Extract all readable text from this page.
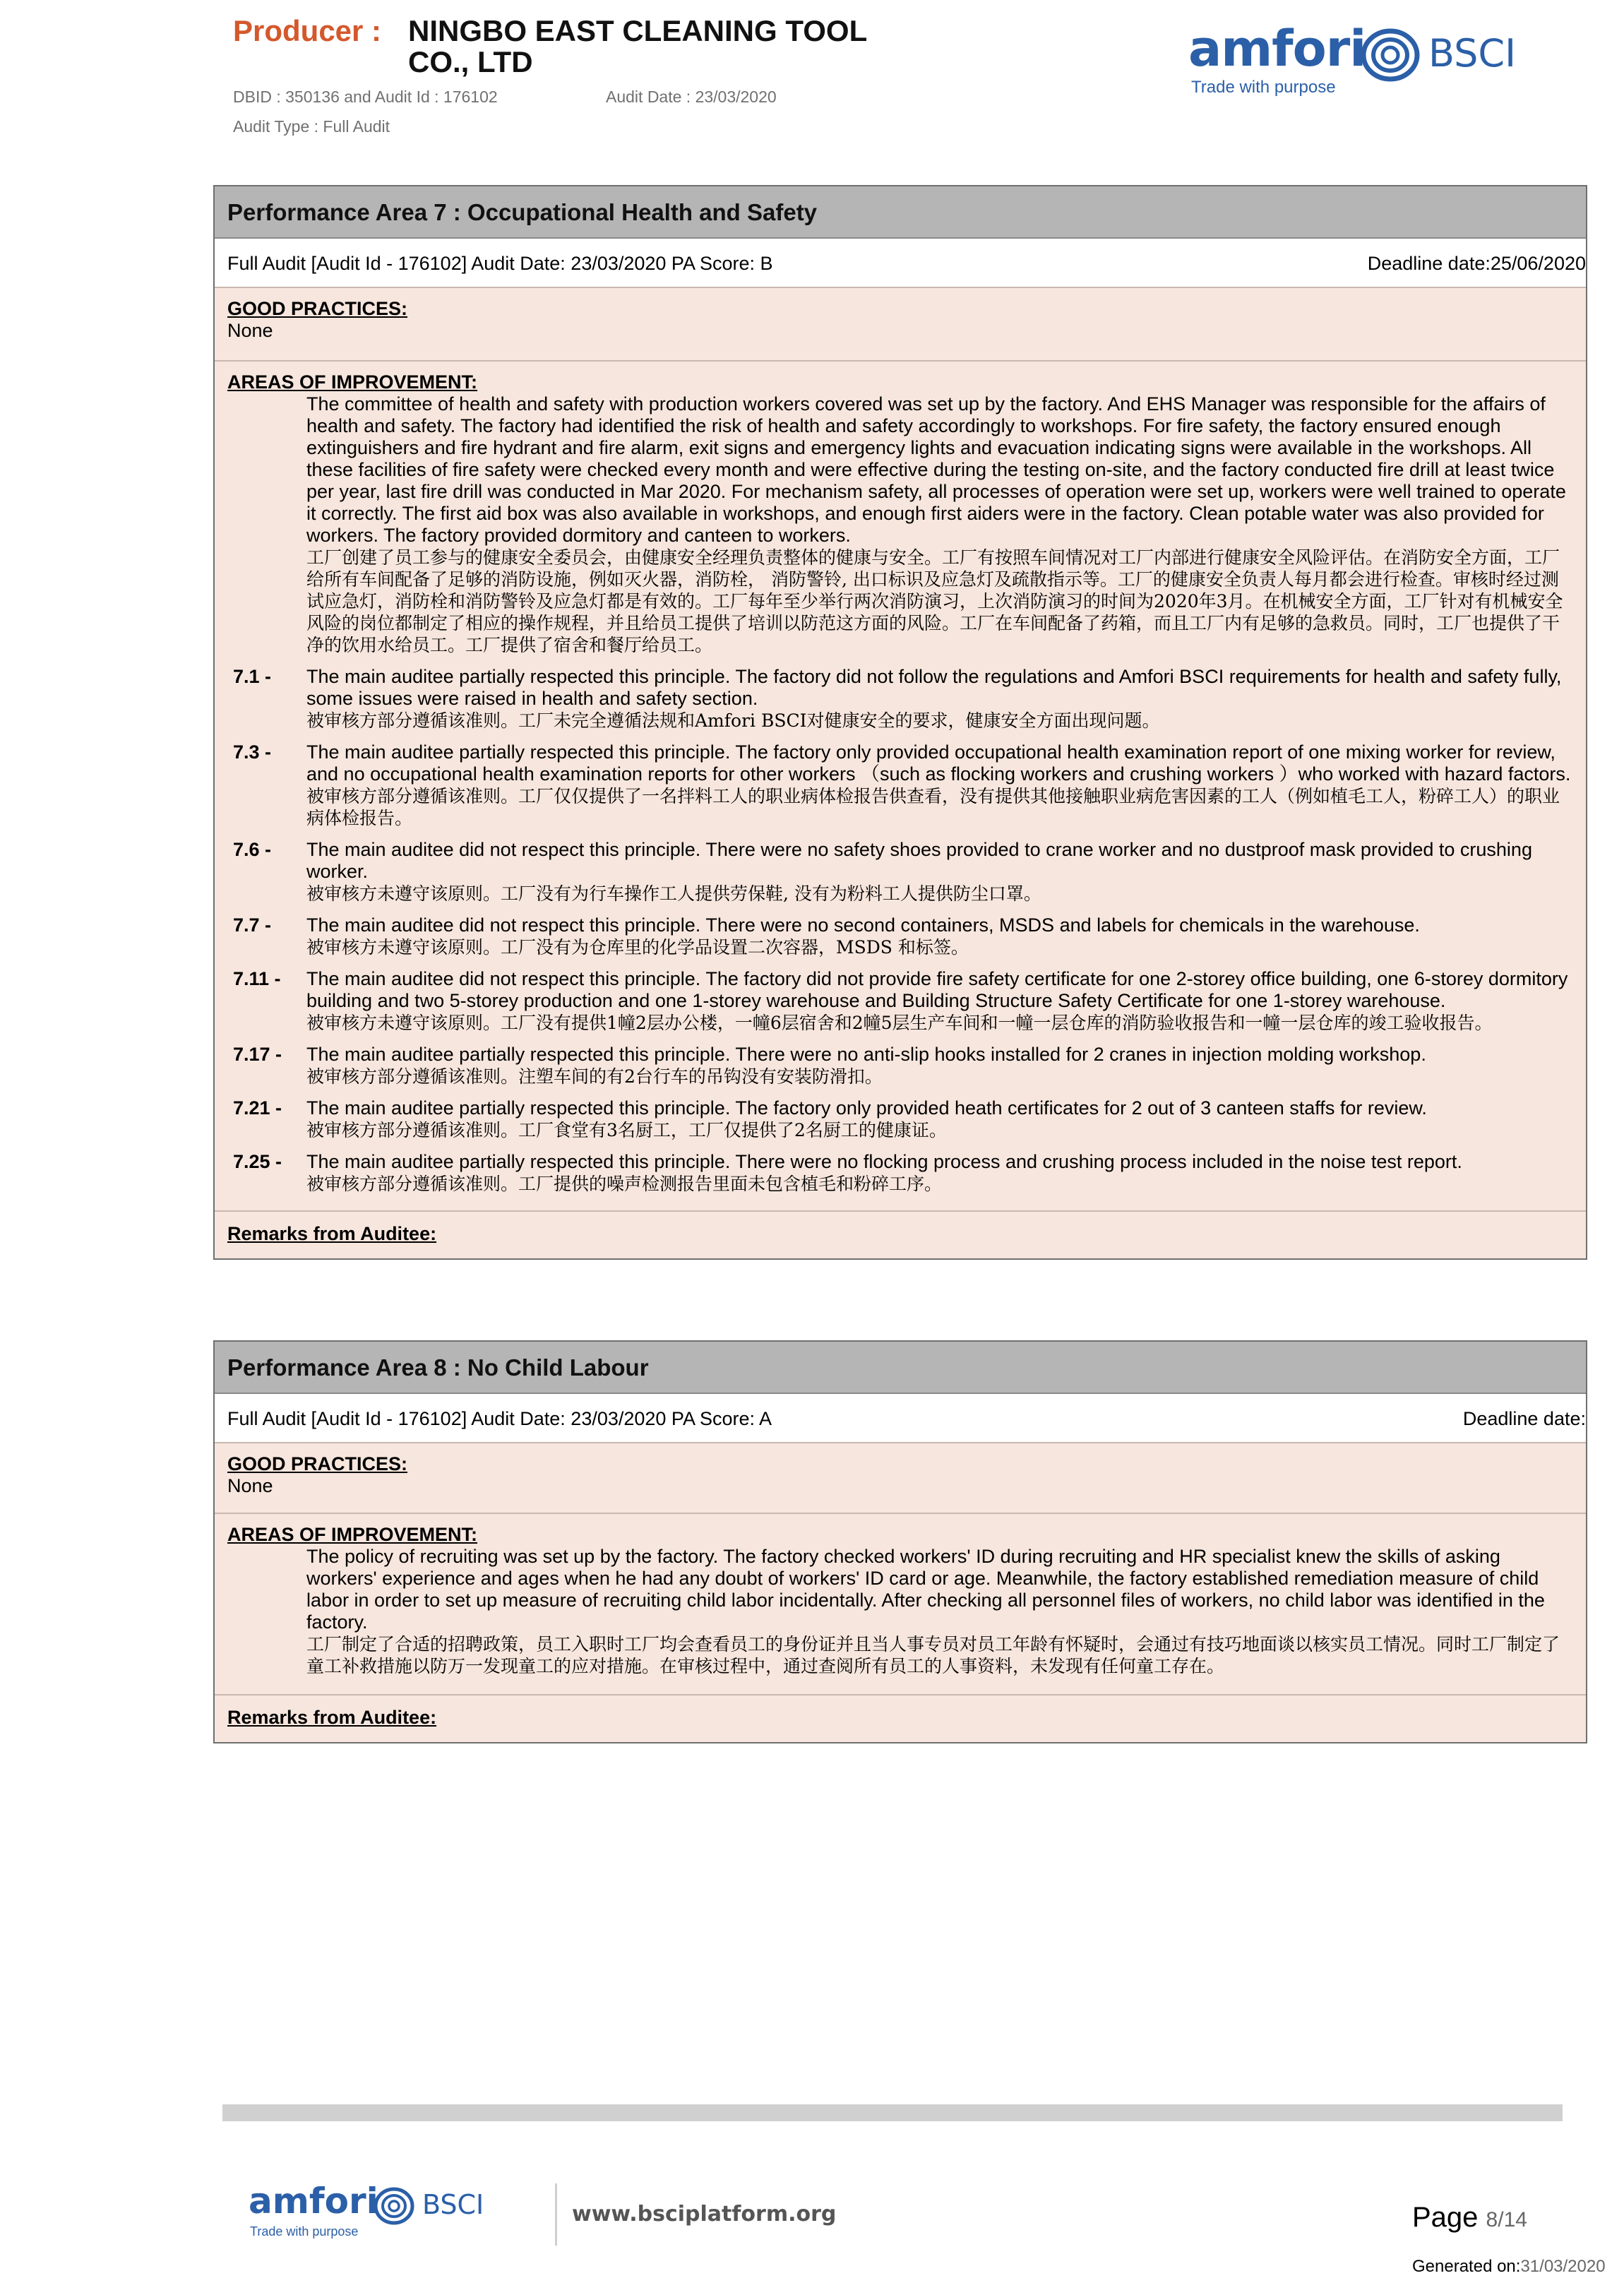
Producer : NINGBO EAST CLEANING TOOL
CO., LTD
DBID : 350136 and Audit Id : 176102	Audit Date : 23/03/2020
Audit Type : Full Audit
amfori BSCI
Trade with purpose
Performance Area 7 : Occupational Health and Safety
Full Audit [Audit Id - 176102] Audit Date: 23/03/2020 PA Score: B	Deadline date:25/06/2020
GOOD PRACTICES:
None
AREAS OF IMPROVEMENT:
The committee of health and safety with production workers covered was set up by the factory. And EHS Manager was responsible for the affairs of health and safety. The factory had identified the risk of health and safety accordingly to workshops. For fire safety, the factory ensured enough extinguishers and fire hydrant and fire alarm, exit signs and emergency lights and evacuation indicating signs were available in the workshops. All these facilities of fire safety were checked every month and were effective during the testing on-site, and the factory conducted fire drill at least twice per year, last fire drill was conducted in Mar 2020. For mechanism safety, all processes of operation were set up, workers were well trained to operate it correctly. The first aid box was also available in workshops, and enough first aiders were in the factory. Clean potable water was also provided for workers. The factory provided dormitory and canteen to workers.
工厂创建了员工参与的健康安全委员会，由健康安全经理负责整体的健康与安全。工厂有按照车间情况对工厂内部进行健康安全风险评估。在消防安全方面，工厂给所有车间配备了足够的消防设施，例如灭火器，消防栓， 消防警铃, 出口标识及应急灯及疏散指示等。工厂的健康安全负责人每月都会进行检查。审核时经过测试应急灯，消防栓和消防警铃及应急灯都是有效的。工厂每年至少举行两次消防演习，上次消防演习的时间为2020年3月。在机械安全方面，工厂针对有机械安全风险的岗位都制定了相应的操作规程，并且给员工提供了培训以防范这方面的风险。工厂在车间配备了药箱，而且工厂内有足够的急救员。同时，工厂也提供了干净的饮用水给员工。工厂提供了宿舍和餐厅给员工。
7.1 -	The main auditee partially respected this principle. The factory did not follow the regulations and Amfori BSCI requirements for health and safety fully, some issues were raised in health and safety section.
被审核方部分遵循该准则。工厂未完全遵循法规和Amfori BSCI对健康安全的要求，健康安全方面出现问题。
7.3 -	The main auditee partially respected this principle. The factory only provided occupational health examination report of one mixing worker for review, and no occupational health examination reports for other workers （such as flocking workers and crushing workers ）who worked with hazard factors.
被审核方部分遵循该准则。工厂仅仅提供了一名拌料工人的职业病体检报告供查看，没有提供其他接触职业病危害因素的工人（例如植毛工人，粉碎工人）的职业病体检报告。
7.6 -	The main auditee did not respect this principle. There were no safety shoes provided to crane worker and no dustproof mask provided to crushing worker.
被审核方未遵守该原则。工厂没有为行车操作工人提供劳保鞋, 没有为粉料工人提供防尘口罩。
7.7 -	The main auditee did not respect this principle. There were no second containers, MSDS and labels for chemicals in the warehouse.
被审核方未遵守该原则。工厂没有为仓库里的化学品设置二次容器，MSDS 和标签。
7.11 -	The main auditee did not respect this principle. The factory did not provide fire safety certificate for one 2-storey office building, one 6-storey dormitory building and two 5-storey production and one 1-storey warehouse and Building Structure Safety Certificate for one 1-storey warehouse.
被审核方未遵守该原则。工厂没有提供1幢2层办公楼，一幢6层宿舍和2幢5层生产车间和一幢一层仓库的消防验收报告和一幢一层仓库的竣工验收报告。
7.17 -	The main auditee partially respected this principle. There were no anti-slip hooks installed for 2 cranes in injection molding workshop.
被审核方部分遵循该准则。注塑车间的有2台行车的吊钩没有安装防滑扣。
7.21 -	The main auditee partially respected this principle. The factory only provided heath certificates for 2 out of 3 canteen staffs for review.
被审核方部分遵循该准则。工厂食堂有3名厨工，工厂仅提供了2名厨工的健康证。
7.25 -	The main auditee partially respected this principle. There were no flocking process and crushing process included in the noise test report.
被审核方部分遵循该准则。工厂提供的噪声检测报告里面未包含植毛和粉碎工序。
Remarks from Auditee:
Performance Area 8 : No Child Labour
Full Audit [Audit Id - 176102] Audit Date: 23/03/2020 PA Score: A	Deadline date:
GOOD PRACTICES:
None
AREAS OF IMPROVEMENT:
The policy of recruiting was set up by the factory. The factory checked workers' ID during recruiting and HR specialist knew the skills of asking workers' experience and ages when he had any doubt of workers' ID card or age. Meanwhile, the factory established remediation measure of child labor in order to set up measure of recruiting child labor incidentally. After checking all personnel files of workers, no child labor was identified in the factory.
工厂制定了合适的招聘政策，员工入职时工厂均会查看员工的身份证并且当人事专员对员工年龄有怀疑时，会通过有技巧地面谈以核实员工情况。同时工厂制定了童工补救措施以防万一发现童工的应对措施。在审核过程中，通过查阅所有员工的人事资料，未发现有任何童工存在。
Remarks from Auditee:
amfori BSCI
Trade with purpose
www.bsciplatform.org	Page 8/14
Generated on:31/03/2020
